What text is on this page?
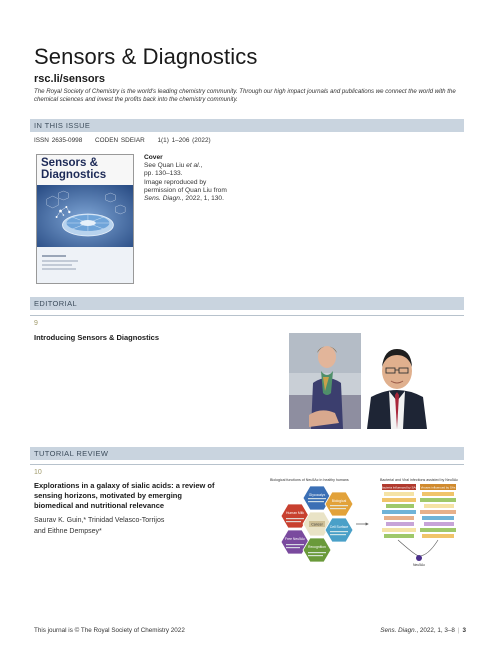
Sensors & Diagnostics
rsc.li/sensors
The Royal Society of Chemistry is the world's leading chemistry community. Through our high impact journals and publications we connect the world with the chemical sciences and invest the profits back into the chemistry community.
IN THIS ISSUE
ISSN 2635-0998 CODEN SDEIAR 1(1) 1–206 (2022)
Sensors &
Diagnostics
Cover
See Quan Liu et al.,
pp. 130–133.
Image reproduced by
permission of Quan Liu from
Sens. Diagn., 2022, 1, 130.
EDITORIAL
9
Introducing Sensors & Diagnostics
TUTORIAL REVIEW
10
Explorations in a galaxy of sialic acids: a review of
sensing horizons, motivated by emerging
biomedical and nutritional relevance
Saurav K. Guin,* Trinidad Velasco-Torrijos
and Eithne Dempsey*
Biological functions of Neu5Ac in healthy humans	Bacterial and Viral infections assisted by Neu5Ac
Glycocalyx
Biological
Human Milk
Cell Surface
Free Neu5Ac
Recognition
Cancer
Bacteria Influenced by SAs Viruses influenced by SAs
Neu5Ac
This journal is © The Royal Society of Chemistry 2022	Sens. Diagn., 2022, 1, 3–8 | 3
